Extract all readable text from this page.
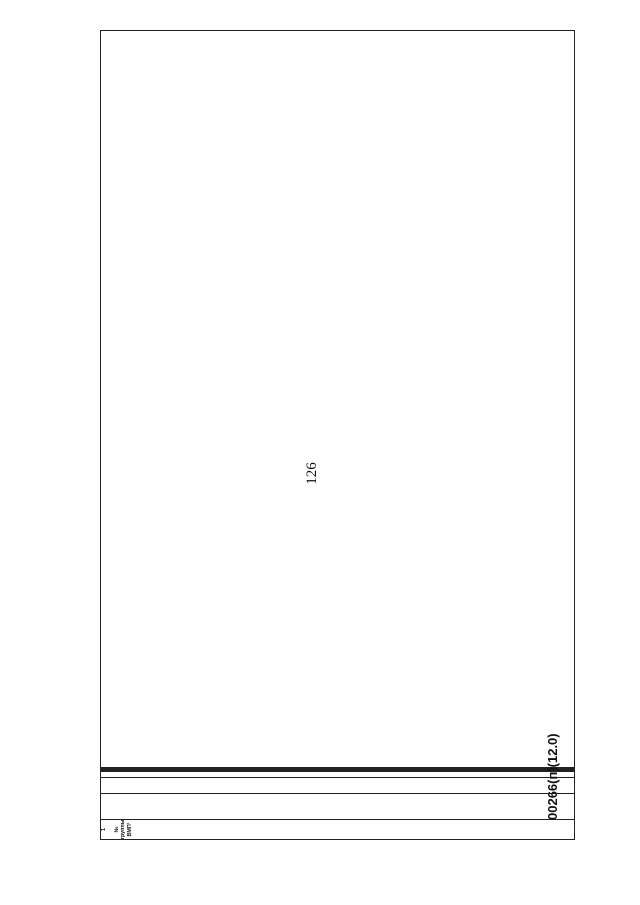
126
№ группы ВМП¹
1
00266(п)(12.0)
